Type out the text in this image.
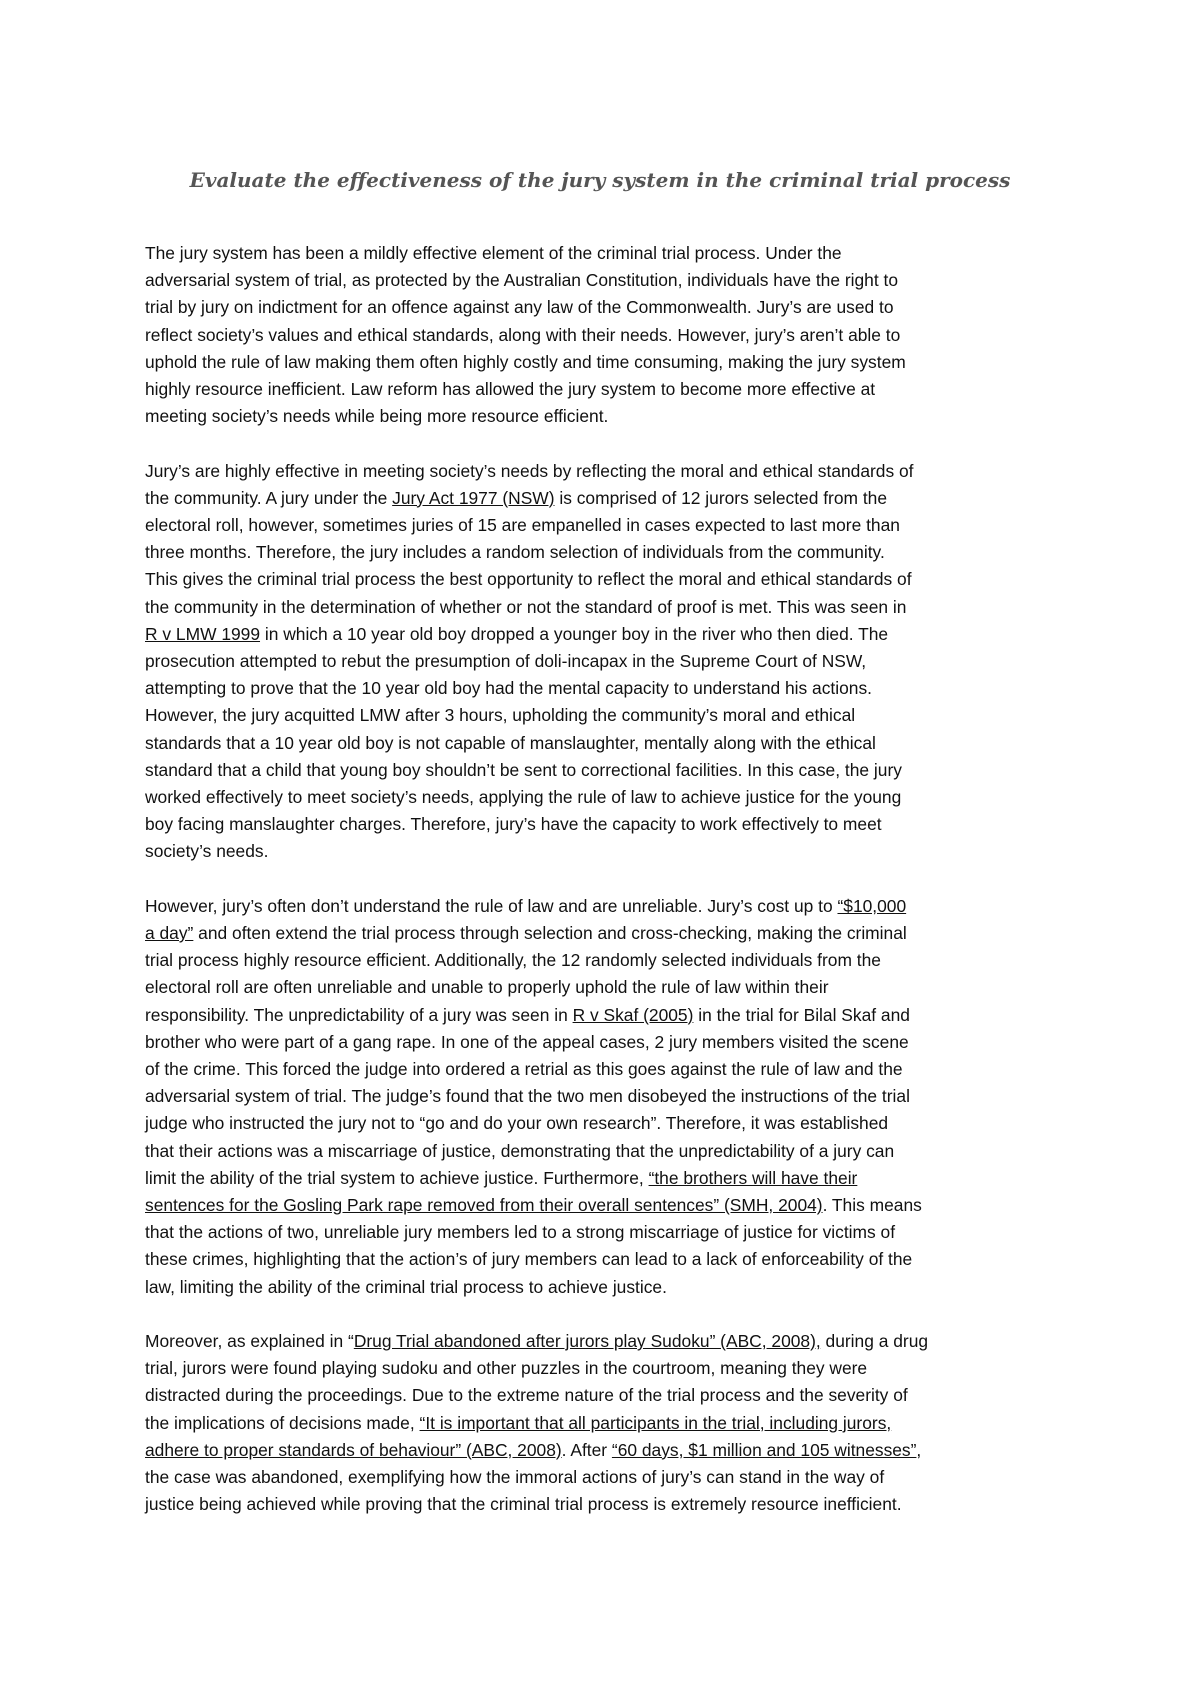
Evaluate the effectiveness of the jury system in the criminal trial process

The jury system has been a mildly effective element of the criminal trial process. Under the
adversarial system of trial, as protected by the Australian Constitution, individuals have the right to
trial by jury on indictment for an offence against any law of the Commonwealth. Jury’s are used to
reflect society’s values and ethical standards, along with their needs. However, jury’s aren’t able to
uphold the rule of law making them often highly costly and time consuming, making the jury system
highly resource inefficient. Law reform has allowed the jury system to become more effective at
meeting society’s needs while being more resource efficient.

Jury’s are highly effective in meeting society’s needs by reflecting the moral and ethical standards of
the community. A jury under the Jury Act 1977 (NSW) is comprised of 12 jurors selected from the
electoral roll, however, sometimes juries of 15 are empanelled in cases expected to last more than
three months. Therefore, the jury includes a random selection of individuals from the community.
This gives the criminal trial process the best opportunity to reflect the moral and ethical standards of
the community in the determination of whether or not the standard of proof is met. This was seen in
R v LMW 1999 in which a 10 year old boy dropped a younger boy in the river who then died. The
prosecution attempted to rebut the presumption of doli-incapax in the Supreme Court of NSW,
attempting to prove that the 10 year old boy had the mental capacity to understand his actions.
However, the jury acquitted LMW after 3 hours, upholding the community’s moral and ethical
standards that a 10 year old boy is not capable of manslaughter, mentally along with the ethical
standard that a child that young boy shouldn’t be sent to correctional facilities. In this case, the jury
worked effectively to meet society’s needs, applying the rule of law to achieve justice for the young
boy facing manslaughter charges. Therefore, jury’s have the capacity to work effectively to meet
society’s needs.

However, jury’s often don’t understand the rule of law and are unreliable. Jury’s cost up to “$10,000
a day” and often extend the trial process through selection and cross-checking, making the criminal
trial process highly resource efficient. Additionally, the 12 randomly selected individuals from the
electoral roll are often unreliable and unable to properly uphold the rule of law within their
responsibility. The unpredictability of a jury was seen in R v Skaf (2005) in the trial for Bilal Skaf and
brother who were part of a gang rape. In one of the appeal cases, 2 jury members visited the scene
of the crime. This forced the judge into ordered a retrial as this goes against the rule of law and the
adversarial system of trial. The judge’s found that the two men disobeyed the instructions of the trial
judge who instructed the jury not to “go and do your own research”. Therefore, it was established
that their actions was a miscarriage of justice, demonstrating that the unpredictability of a jury can
limit the ability of the trial system to achieve justice. Furthermore, “the brothers will have their
sentences for the Gosling Park rape removed from their overall sentences” (SMH, 2004). This means
that the actions of two, unreliable jury members led to a strong miscarriage of justice for victims of
these crimes, highlighting that the action’s of jury members can lead to a lack of enforceability of the
law, limiting the ability of the criminal trial process to achieve justice.

Moreover, as explained in “Drug Trial abandoned after jurors play Sudoku” (ABC, 2008), during a drug
trial, jurors were found playing sudoku and other puzzles in the courtroom, meaning they were
distracted during the proceedings. Due to the extreme nature of the trial process and the severity of
the implications of decisions made, “It is important that all participants in the trial, including jurors,
adhere to proper standards of behaviour” (ABC, 2008). After “60 days, $1 million and 105 witnesses”,
the case was abandoned, exemplifying how the immoral actions of jury’s can stand in the way of
justice being achieved while proving that the criminal trial process is extremely resource inefficient.
